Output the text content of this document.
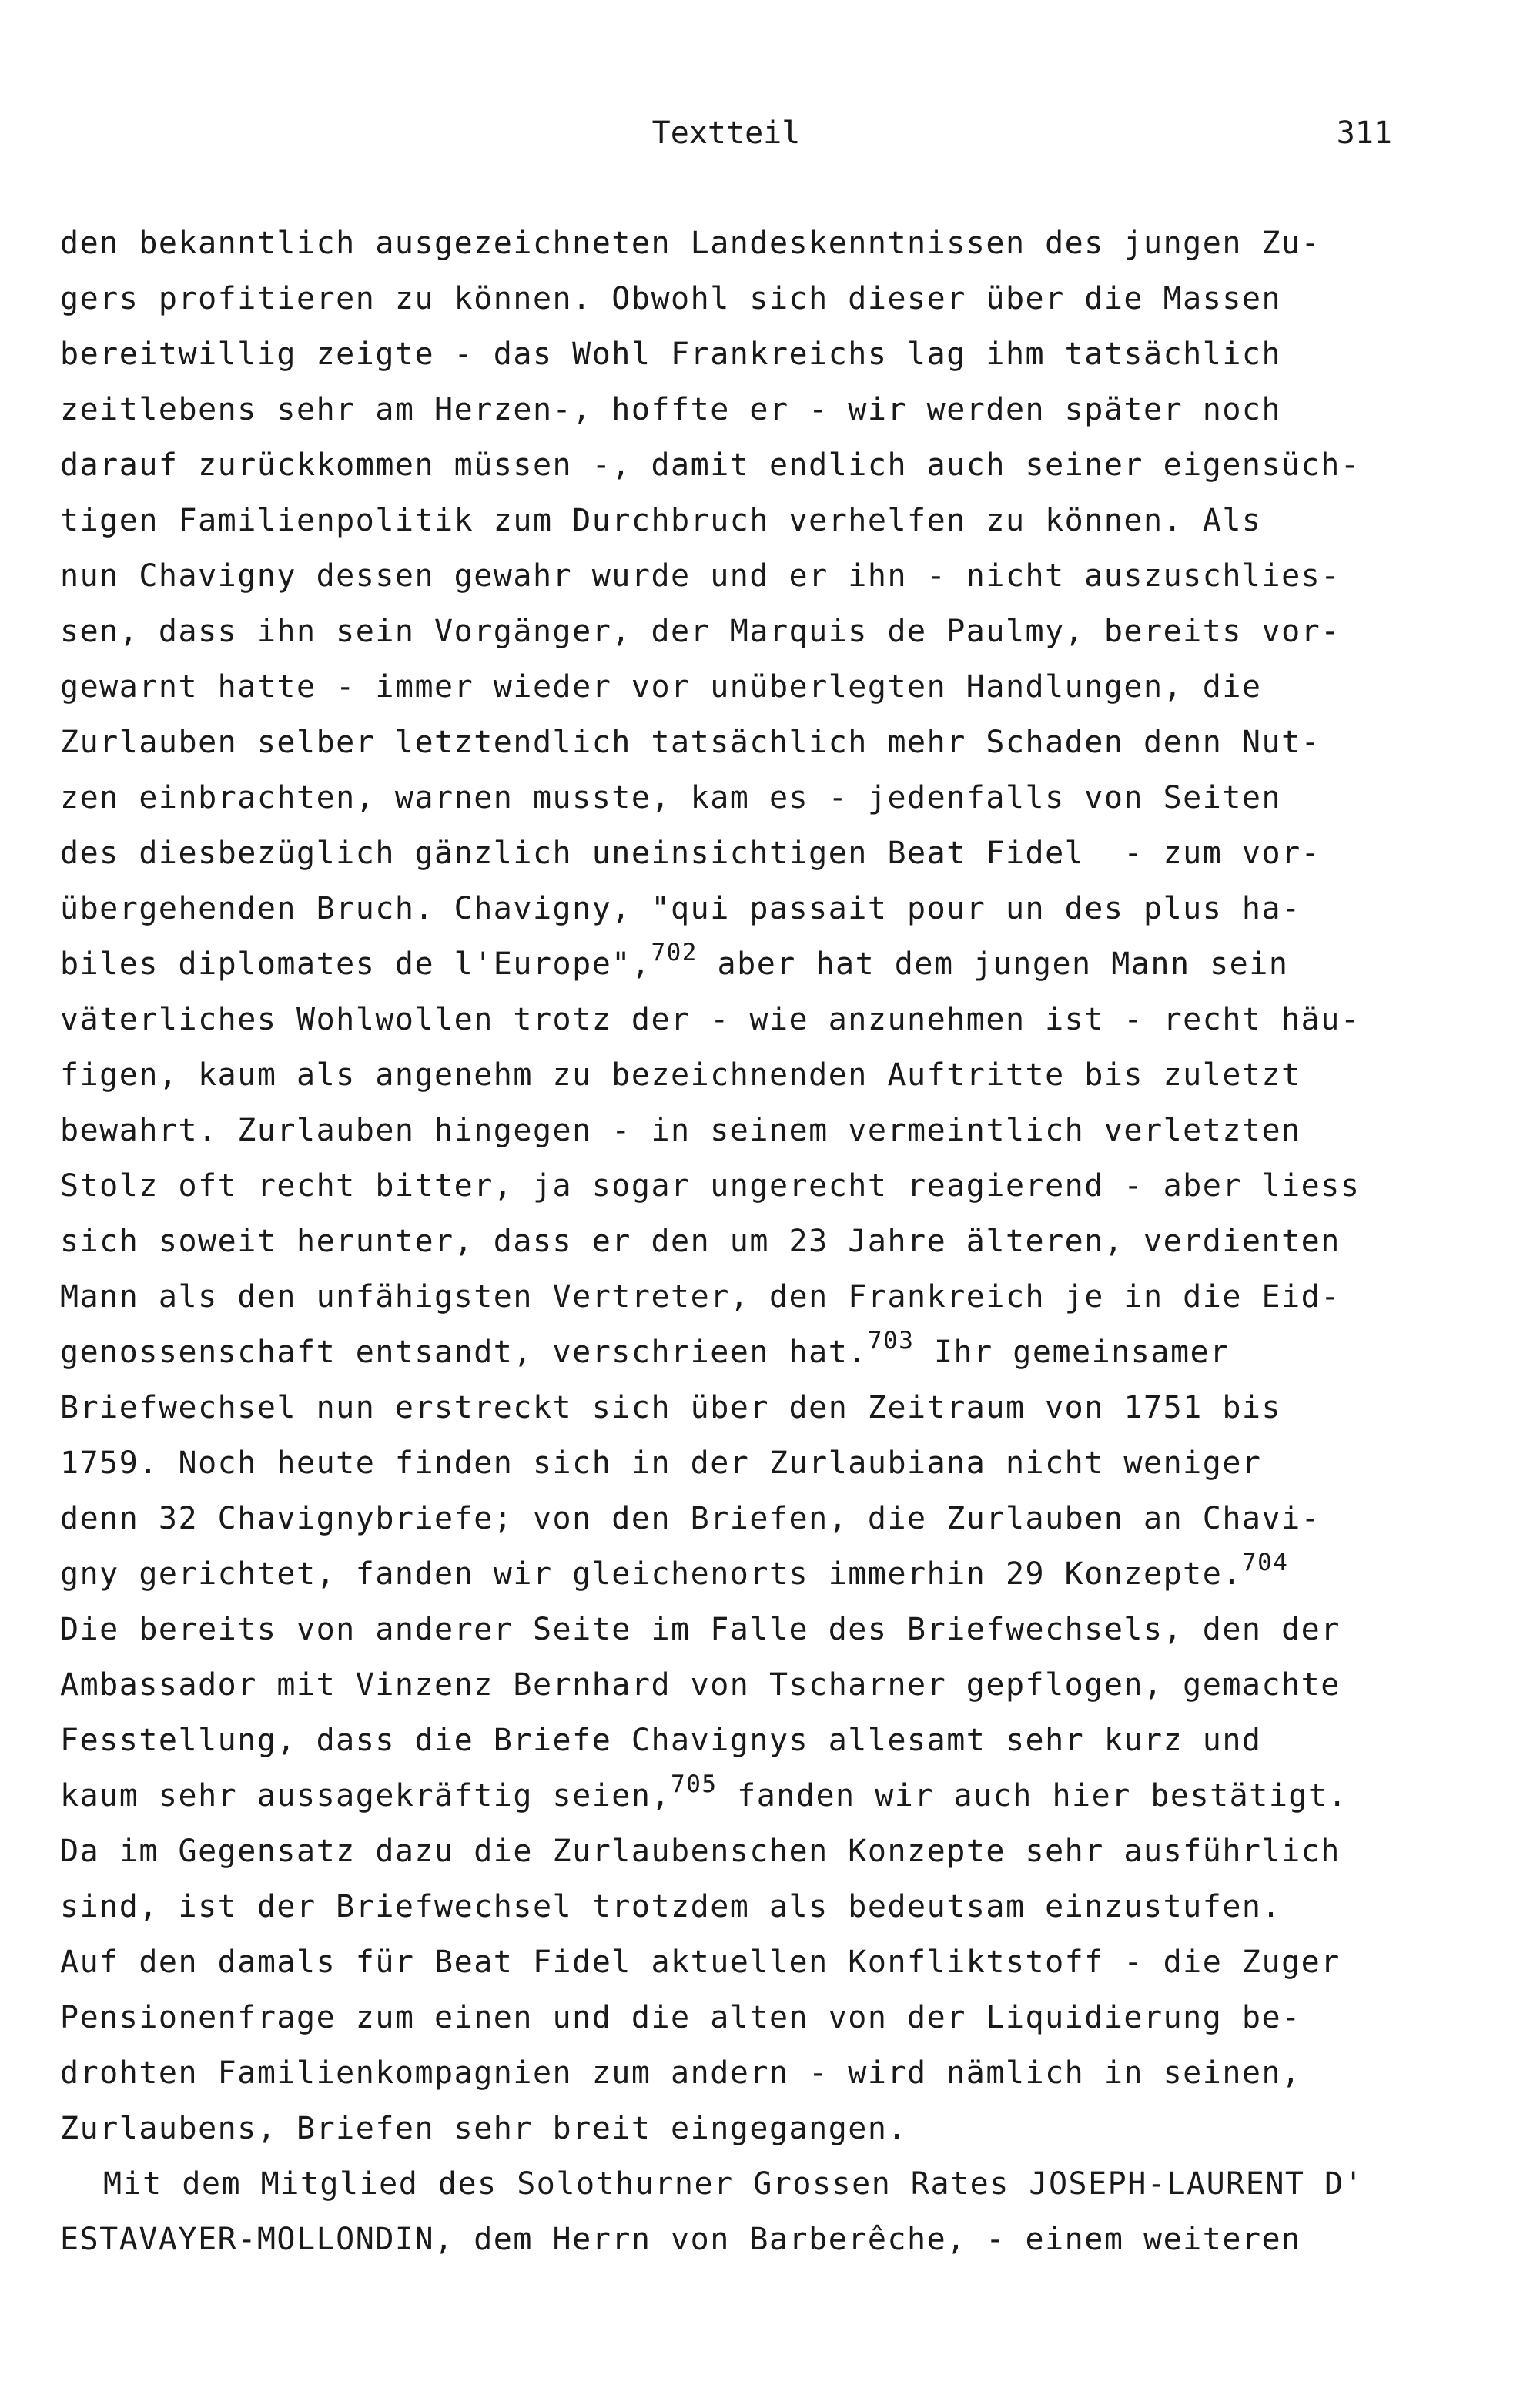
Textteil	311
den bekanntlich ausgezeichneten Landeskenntnissen des jungen Zu-
gers profitieren zu können. Obwohl sich dieser über die Massen
bereitwillig zeigte - das Wohl Frankreichs lag ihm tatsächlich
zeitlebens sehr am Herzen-, hoffte er - wir werden später noch
darauf zurückkommen müssen -, damit endlich auch seiner eigensüch-
tigen Familienpolitik zum Durchbruch verhelfen zu können. Als
nun Chavigny dessen gewahr wurde und er ihn - nicht auszuschlies-
sen, dass ihn sein Vorgänger, der Marquis de Paulmy, bereits vor-
gewarnt hatte - immer wieder vor unüberlegten Handlungen, die
Zurlauben selber letztendlich tatsächlich mehr Schaden denn Nut-
zen einbrachten, warnen musste, kam es - jedenfalls von Seiten
des diesbezüglich gänzlich uneinsichtigen Beat Fidel  - zum vor-
übergehenden Bruch. Chavigny, "qui passait pour un des plus ha-
biles diplomates de l'Europe",$^{702}$ aber hat dem jungen Mann sein
väterliches Wohlwollen trotz der - wie anzunehmen ist - recht häu-
figen, kaum als angenehm zu bezeichnenden Auftritte bis zuletzt
bewahrt. Zurlauben hingegen - in seinem vermeintlich verletzten
Stolz oft recht bitter, ja sogar ungerecht reagierend - aber liess
sich soweit herunter, dass er den um 23 Jahre älteren, verdienten
Mann als den unfähigsten Vertreter, den Frankreich je in die Eid-
genossenschaft entsandt, verschrieen hat.$^{703}$ Ihr gemeinsamer
Briefwechsel nun erstreckt sich über den Zeitraum von 1751 bis
1759. Noch heute finden sich in der Zurlaubiana nicht weniger
denn 32 Chavignybriefe; von den Briefen, die Zurlauben an Chavi-
gny gerichtet, fanden wir gleichenorts immerhin 29 Konzepte.$^{704}$
Die bereits von anderer Seite im Falle des Briefwechsels, den der
Ambassador mit Vinzenz Bernhard von Tscharner gepflogen, gemachte
Fesstellung, dass die Briefe Chavignys allesamt sehr kurz und
kaum sehr aussagekräftig seien,$^{705}$ fanden wir auch hier bestätigt.
Da im Gegensatz dazu die Zurlaubenschen Konzepte sehr ausführlich
sind, ist der Briefwechsel trotzdem als bedeutsam einzustufen.
Auf den damals für Beat Fidel aktuellen Konfliktstoff - die Zuger
Pensionenfrage zum einen und die alten von der Liquidierung be-
drohten Familienkompagnien zum andern - wird nämlich in seinen,
Zurlaubens, Briefen sehr breit eingegangen.
Mit dem Mitglied des Solothurner Grossen Rates JOSEPH-LAURENT D'
ESTAVAYER-MOLLONDIN, dem Herrn von Barberêche, - einem weiteren
